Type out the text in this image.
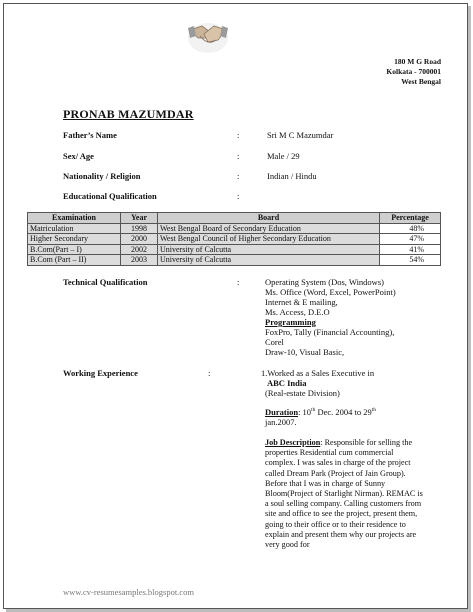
180 M G Road
Kolkata - 700001
West Bengal
PRONAB MAZUMDAR
Father’s Name	:	Sri M C Mazumdar
Sex/ Age	:	Male / 29
Nationality / Religion	:	Indian / Hindu
Educational Qualification	:
Examination	Year	Board	Percentage
Matriculation	1998	West Bengal Board of Secondary Education	48%
Higher Secondary	2000	West Bengal Council of Higher Secondary Education	47%
B.Com(Part – I)	2002	University of Calcutta	41%
B.Com (Part – II)	2003	University of Calcutta	54%
Technical Qualification	:	Operating System (Dos, Windows)
Ms. Office (Word, Excel, PowerPoint)
Internet & E mailing,
Ms. Access, D.E.O
Programming
FoxPro, Tally (Financial Accounting),
Corel
Draw-10, Visual Basic,
Working Experience	:	1.Worked as a Sales Executive in
ABC India
(Real-estate Division)
Duration: 10th Dec. 2004 to 29th
jan.2007.
Job Description: Responsible for selling the properties Residential cum commercial complex. I was sales in charge of the project called Dream Park (Project of Jain Group). Before that I was in charge of Sunny Bloom(Project of Starlight Nirman). REMAC is a soul selling company. Calling customers from site and office to see the project, present them, going to their office or to their residence to explain and present them why our projects are very good for
www.cv-resumesamples.blogspot.com
